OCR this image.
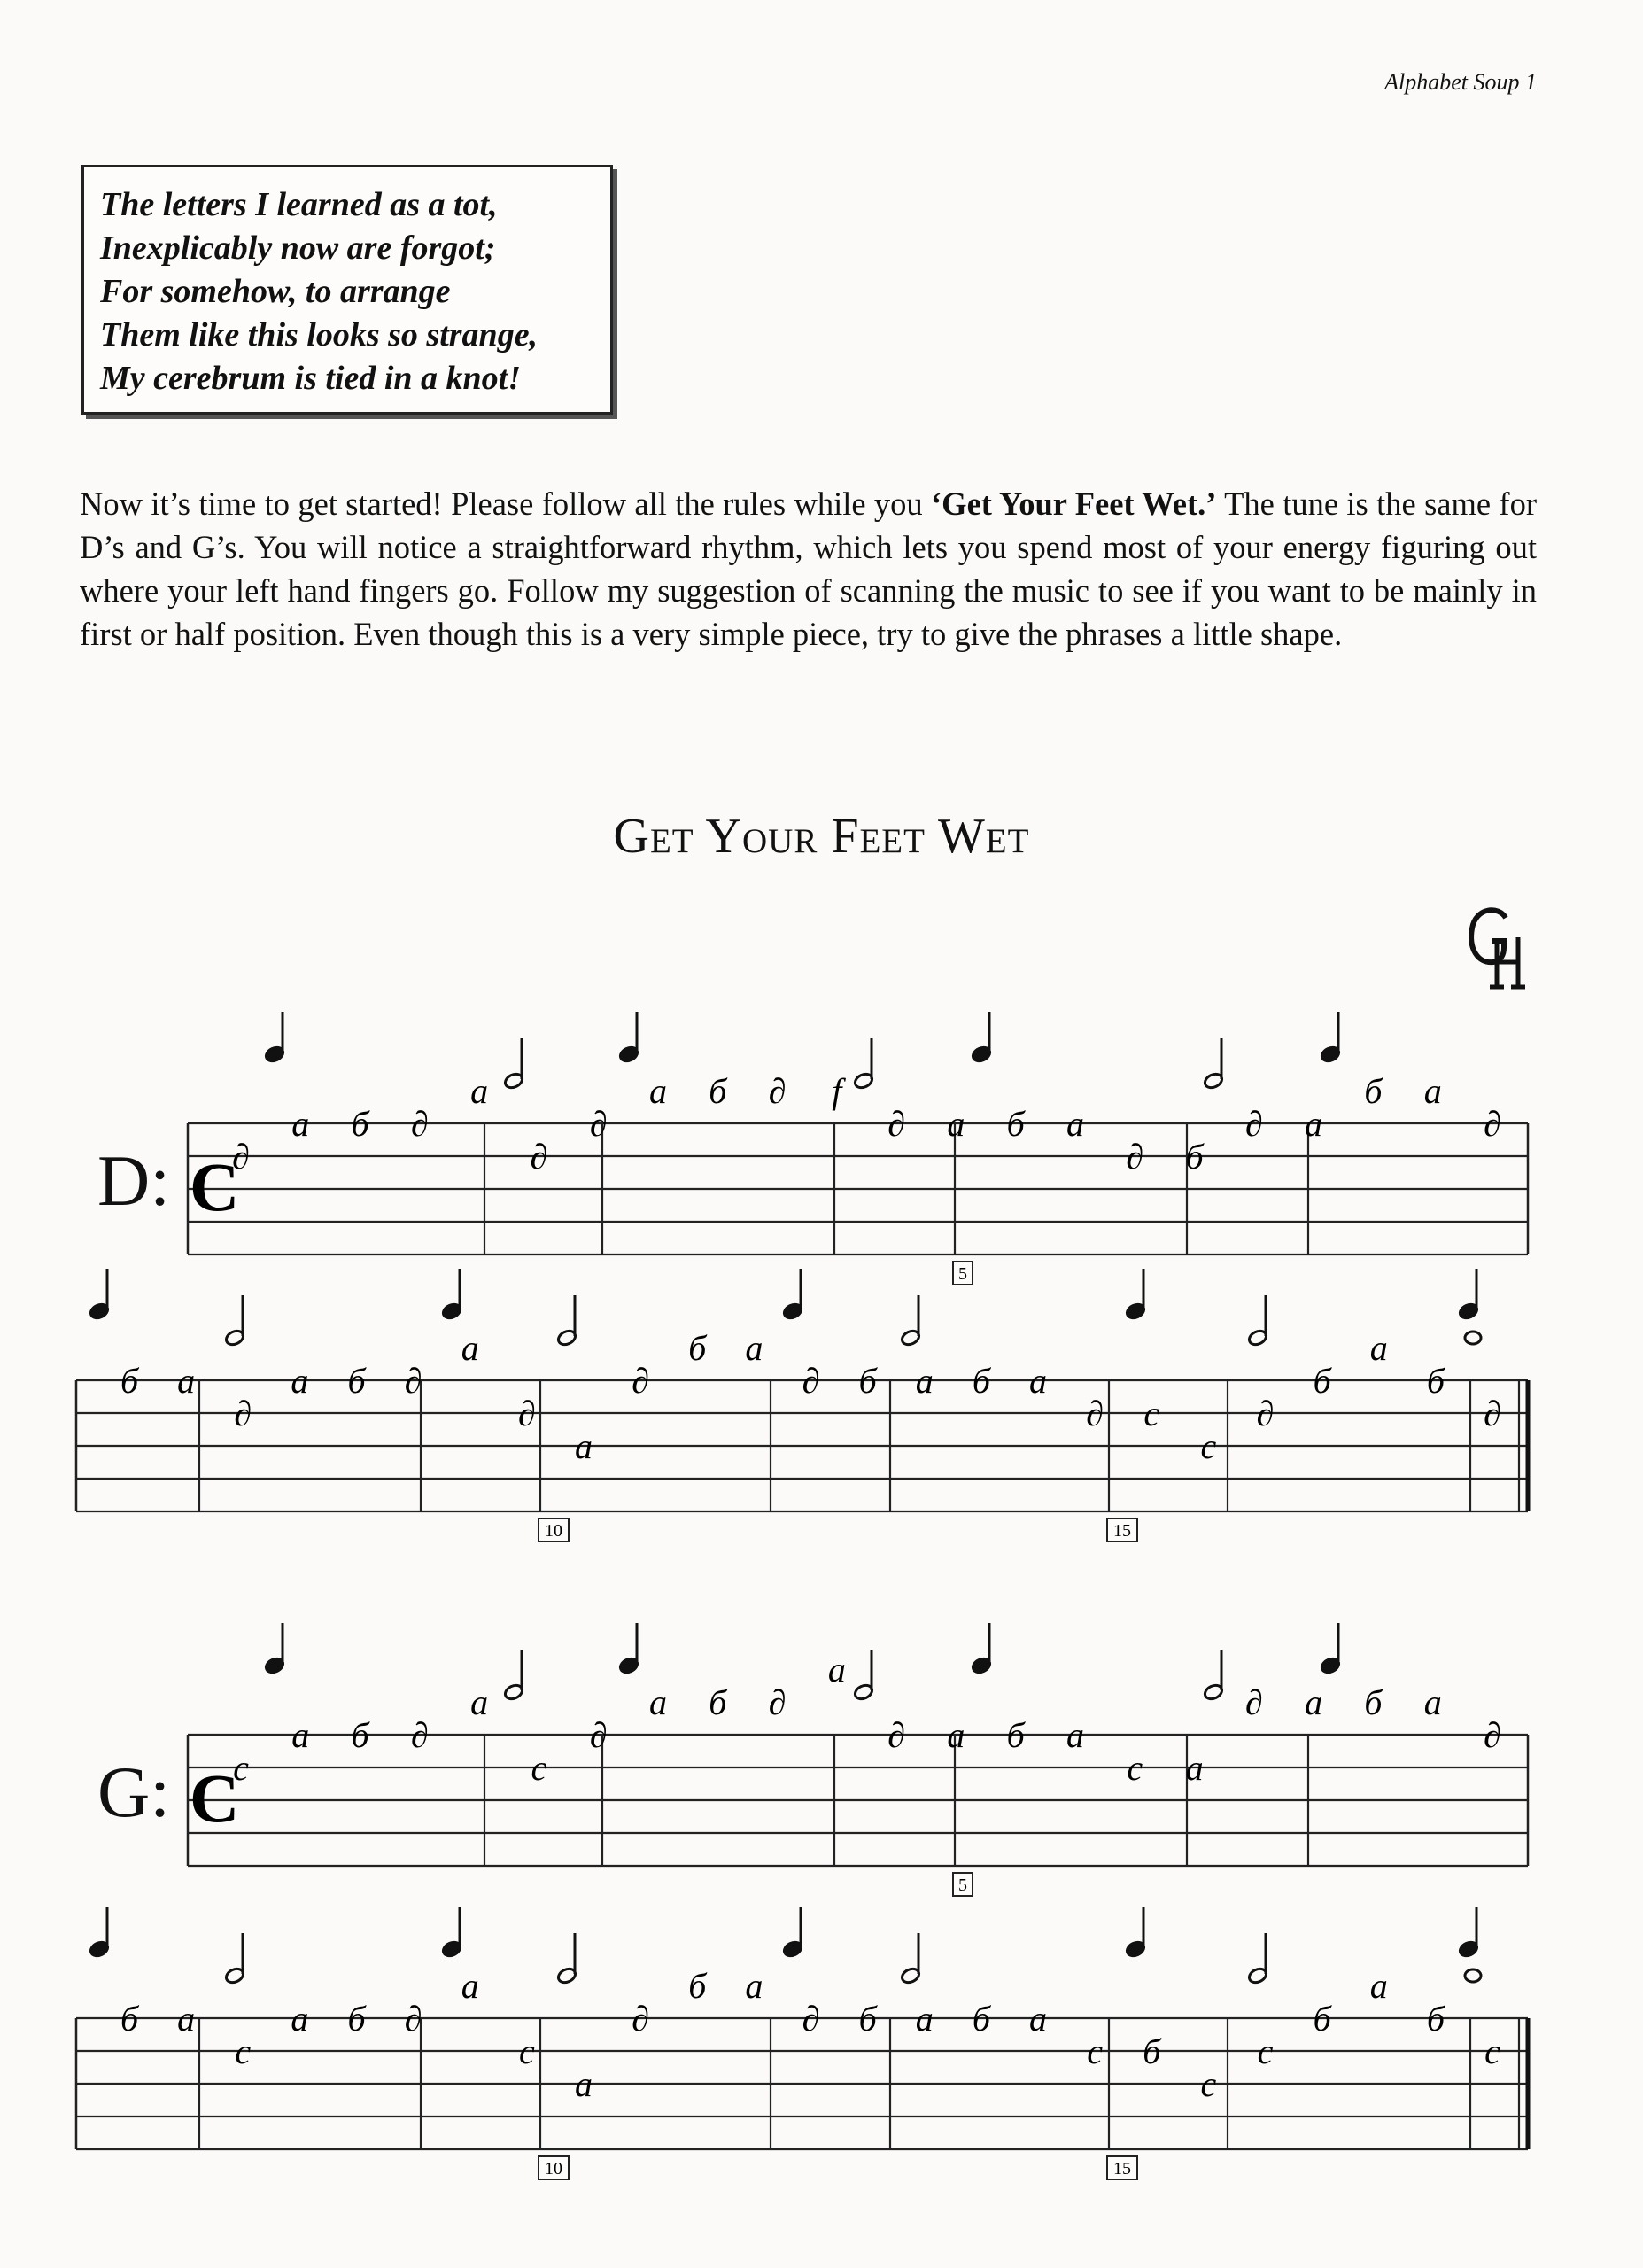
Alphabet Soup 1
The letters I learned as a tot,
Inexplicably now are forgot;
For somehow, to arrange
Them like this looks so strange,
My cerebrum is tied in a knot!

Now it’s time to get started! Please follow all the rules while you ‘Get Your Feet Wet.’ The tune is the same for D’s and G’s. You will notice a straightforward rhythm, which lets you spend most of your energy figuring out where your left hand fingers go. Follow my suggestion of scanning the music to see if you want to be mainly in first or half position. Even though this is a very simple piece, try to give the phrases a little shape.

Get Your Feet Wet
D:
G:
C
∂
a б ∂
a
∂
∂
a б ∂ f
∂ a б a
∂ б
∂ a
б a
∂
5
б a
∂
a б ∂
a
∂
a
∂
б a
∂ б a б a
∂ c
c
∂
б
a
б
∂
10	15
C
c
a б ∂
a
c
∂
a б ∂
a
∂ a б a
c a
∂ a б a
∂
5
б a
c
a б ∂
a
c
a
∂
б a
∂ б a б a
c б
c
c
б
a
б
c
10	15
